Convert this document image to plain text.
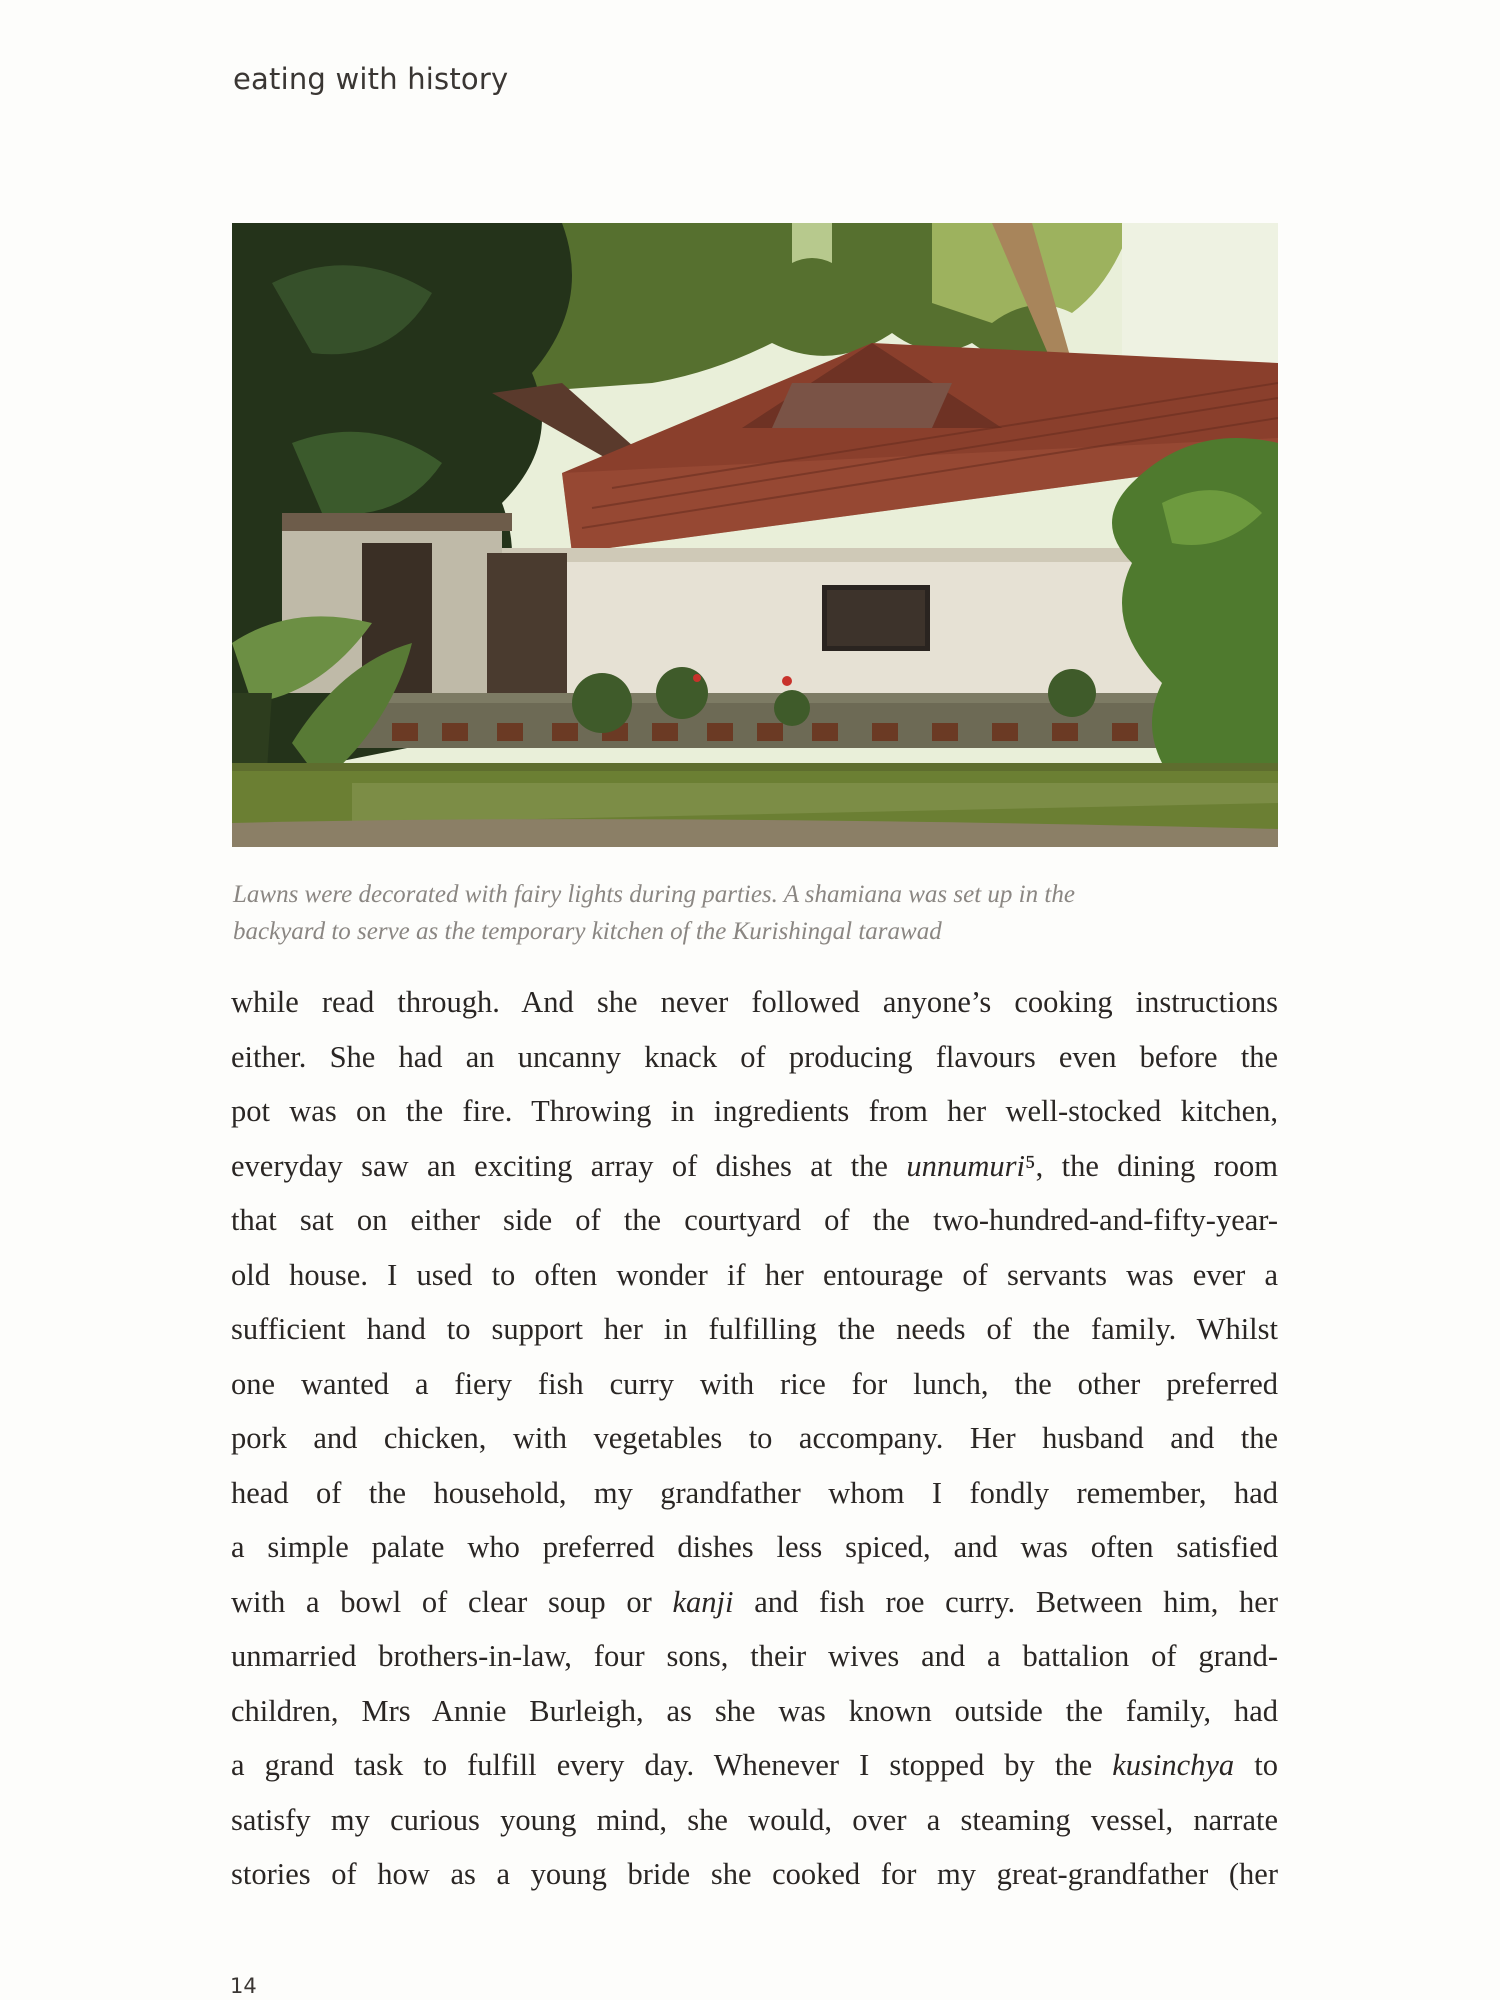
eating with history

Lawns were decorated with fairy lights during parties. A shamiana was set up in the

backyard to serve as the temporary kitchen of the Kurishingal tarawad

while read through. And she never followed anyone’s cooking instructions
either. She had an uncanny knack of producing flavours even before the
pot was on the fire. Throwing in ingredients from her well-stocked kitchen,
everyday saw an exciting array of dishes at the unnumuri⁵, the dining room
that sat on either side of the courtyard of the two-hundred-and-fifty-year-
old house. I used to often wonder if her entourage of servants was ever a
sufficient hand to support her in fulfilling the needs of the family. Whilst
one wanted a fiery fish curry with rice for lunch, the other preferred
pork and chicken, with vegetables to accompany. Her husband and the
head of the household, my grandfather whom I fondly remember, had
a simple palate who preferred dishes less spiced, and was often satisfied
with a bowl of clear soup or kanji and fish roe curry. Between him, her
unmarried brothers-in-law, four sons, their wives and a battalion of grand-
children, Mrs Annie Burleigh, as she was known outside the family, had
a grand task to fulfill every day. Whenever I stopped by the kusinchya to
satisfy my curious young mind, she would, over a steaming vessel, narrate
stories of how as a young bride she cooked for my great-grandfather (her
14
